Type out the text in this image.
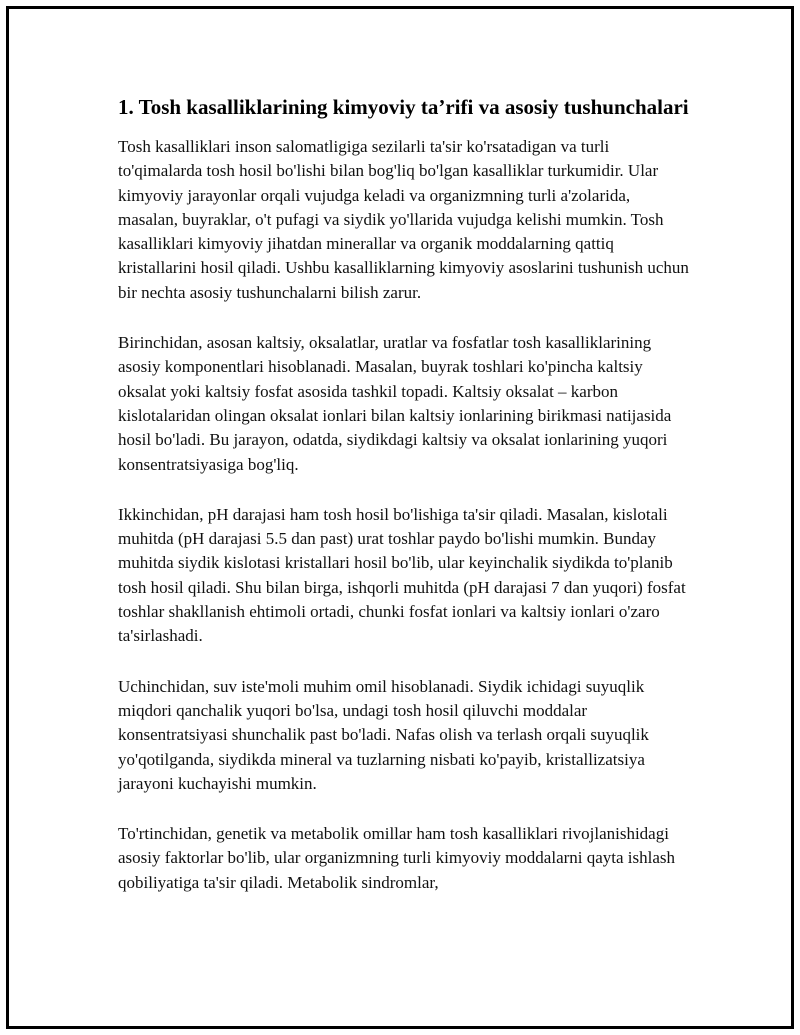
1. Tosh kasalliklarining kimyoviy ta’rifi va asosiy tushunchalari

Tosh kasalliklari inson salomatligiga sezilarli ta'sir ko'rsatadigan va turli to'qimalarda tosh hosil bo'lishi bilan bog'liq bo'lgan kasalliklar turkumidir. Ular kimyoviy jarayonlar orqali vujudga keladi va organizmning turli a'zolarida, masalan, buyraklar, o't pufagi va siydik yo'llarida vujudga kelishi mumkin. Tosh kasalliklari kimyoviy jihatdan minerallar va organik moddalarning qattiq kristallarini hosil qiladi. Ushbu kasalliklarning kimyoviy asoslarini tushunish uchun bir nechta asosiy tushunchalarni bilish zarur.

Birinchidan, asosan kaltsiy, oksalatlar, uratlar va fosfatlar tosh kasalliklarining asosiy komponentlari hisoblanadi. Masalan, buyrak toshlari ko'pincha kaltsiy oksalat yoki kaltsiy fosfat asosida tashkil topadi. Kaltsiy oksalat – karbon kislotalaridan olingan oksalat ionlari bilan kaltsiy ionlarining birikmasi natijasida hosil bo'ladi. Bu jarayon, odatda, siydikdagi kaltsiy va oksalat ionlarining yuqori konsentratsiyasiga bog'liq.

Ikkinchidan, pH darajasi ham tosh hosil bo'lishiga ta'sir qiladi. Masalan, kislotali muhitda (pH darajasi 5.5 dan past) urat toshlar paydo bo'lishi mumkin. Bunday muhitda siydik kislotasi kristallari hosil bo'lib, ular keyinchalik siydikda to'planib tosh hosil qiladi. Shu bilan birga, ishqorli muhitda (pH darajasi 7 dan yuqori) fosfat toshlar shakllanish ehtimoli ortadi, chunki fosfat ionlari va kaltsiy ionlari o'zaro ta'sirlashadi.

Uchinchidan, suv iste'moli muhim omil hisoblanadi. Siydik ichidagi suyuqlik miqdori qanchalik yuqori bo'lsa, undagi tosh hosil qiluvchi moddalar konsentratsiyasi shunchalik past bo'ladi. Nafas olish va terlash orqali suyuqlik yo'qotilganda, siydikda mineral va tuzlarning nisbati ko'payib, kristallizatsiya jarayoni kuchayishi mumkin.

To'rtinchidan, genetik va metabolik omillar ham tosh kasalliklari rivojlanishidagi asosiy faktorlar bo'lib, ular organizmning turli kimyoviy moddalarni qayta ishlash qobiliyatiga ta'sir qiladi. Metabolik sindromlar,
